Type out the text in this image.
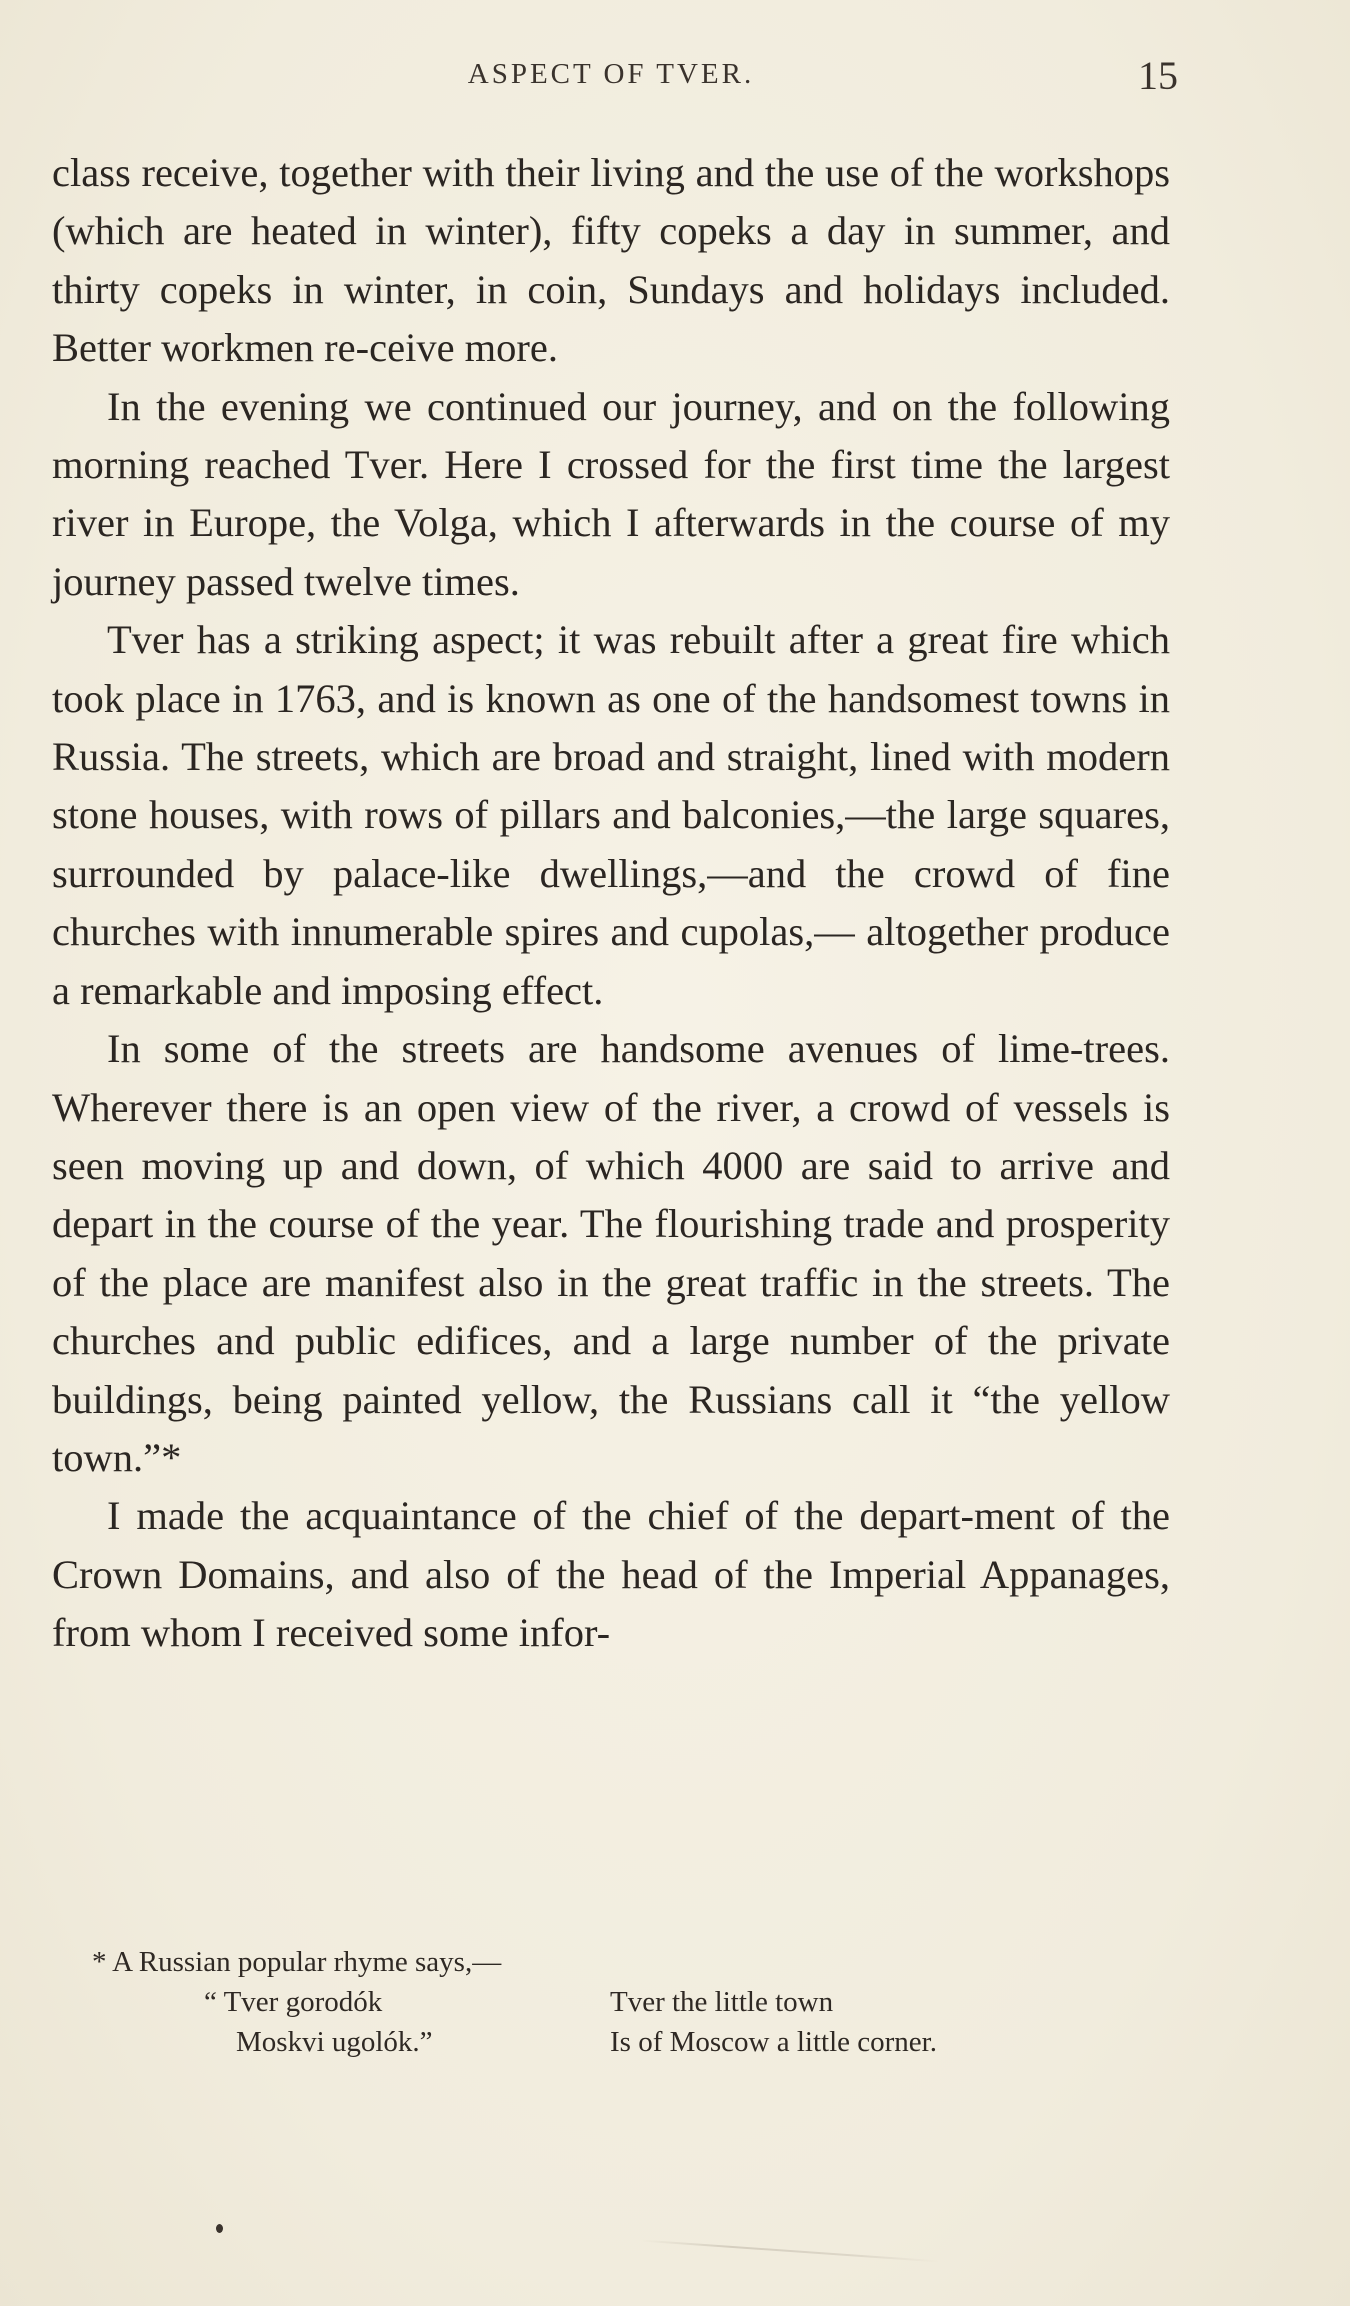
ASPECT OF TVER.	15

class receive, together with their living and the use of the workshops (which are heated in winter), fifty copeks a day in summer, and thirty copeks in winter, in coin, Sundays and holidays included. Better workmen re-ceive more.

In the evening we continued our journey, and on the following morning reached Tver. Here I crossed for the first time the largest river in Europe, the Volga, which I afterwards in the course of my journey passed twelve times.

Tver has a striking aspect; it was rebuilt after a great fire which took place in 1763, and is known as one of the handsomest towns in Russia. The streets, which are broad and straight, lined with modern stone houses, with rows of pillars and balconies,—the large squares, surrounded by palace-like dwellings,—and the crowd of fine churches with innumerable spires and cupolas,— altogether produce a remarkable and imposing effect.

In some of the streets are handsome avenues of lime-trees. Wherever there is an open view of the river, a crowd of vessels is seen moving up and down, of which 4000 are said to arrive and depart in the course of the year. The flourishing trade and prosperity of the place are manifest also in the great traffic in the streets. The churches and public edifices, and a large number of the private buildings, being painted yellow, the Russians call it “the yellow town.”*

I made the acquaintance of the chief of the depart-ment of the Crown Domains, and also of the head of the Imperial Appanages, from whom I received some infor-

* A Russian popular rhyme says,—
“ Tver gorodók	Tver the little town
Moskvi ugolók.”	Is of Moscow a little corner.
